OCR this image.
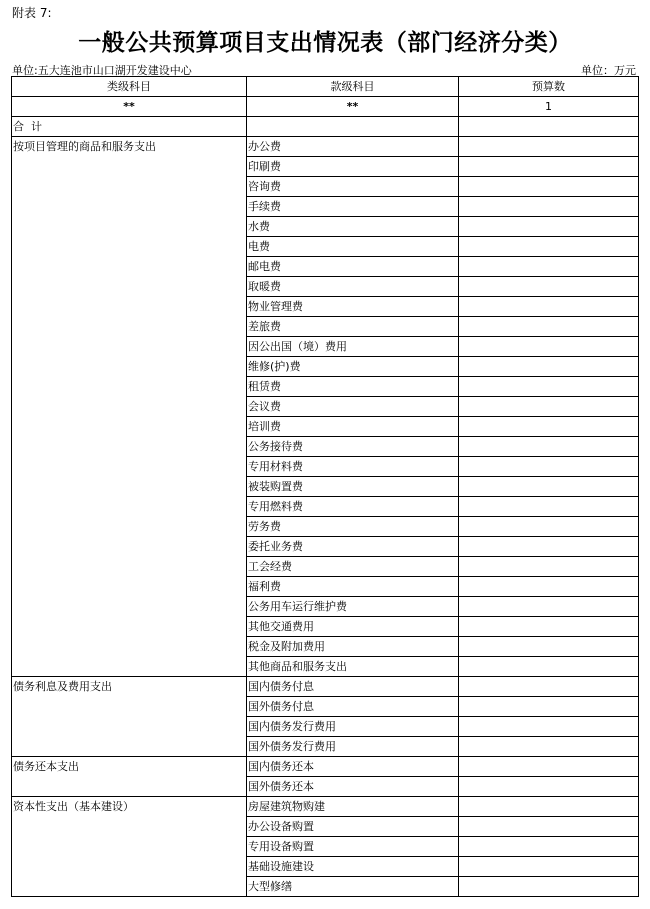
附表 7:
一般公共预算项目支出情况表（部门经济分类）
单位:五大连池市山口湖开发建设中心	单位：万元
类级科目	款级科目	预算数
**	**	1
合  计		
按项目管理的商品和服务支出	办公费	
	印刷费	
	咨询费	
	手续费	
	水费	
	电费	
	邮电费	
	取暖费	
	物业管理费	
	差旅费	
	因公出国（境）费用	
	维修(护)费	
	租赁费	
	会议费	
	培训费	
	公务接待费	
	专用材料费	
	被装购置费	
	专用燃料费	
	劳务费	
	委托业务费	
	工会经费	
	福利费	
	公务用车运行维护费	
	其他交通费用	
	税金及附加费用	
	其他商品和服务支出	
债务利息及费用支出	国内债务付息	
	国外债务付息	
	国内债务发行费用	
	国外债务发行费用	
债务还本支出	国内债务还本	
	国外债务还本	
资本性支出（基本建设）	房屋建筑物购建	
	办公设备购置	
	专用设备购置	
	基础设施建设	
	大型修缮	
